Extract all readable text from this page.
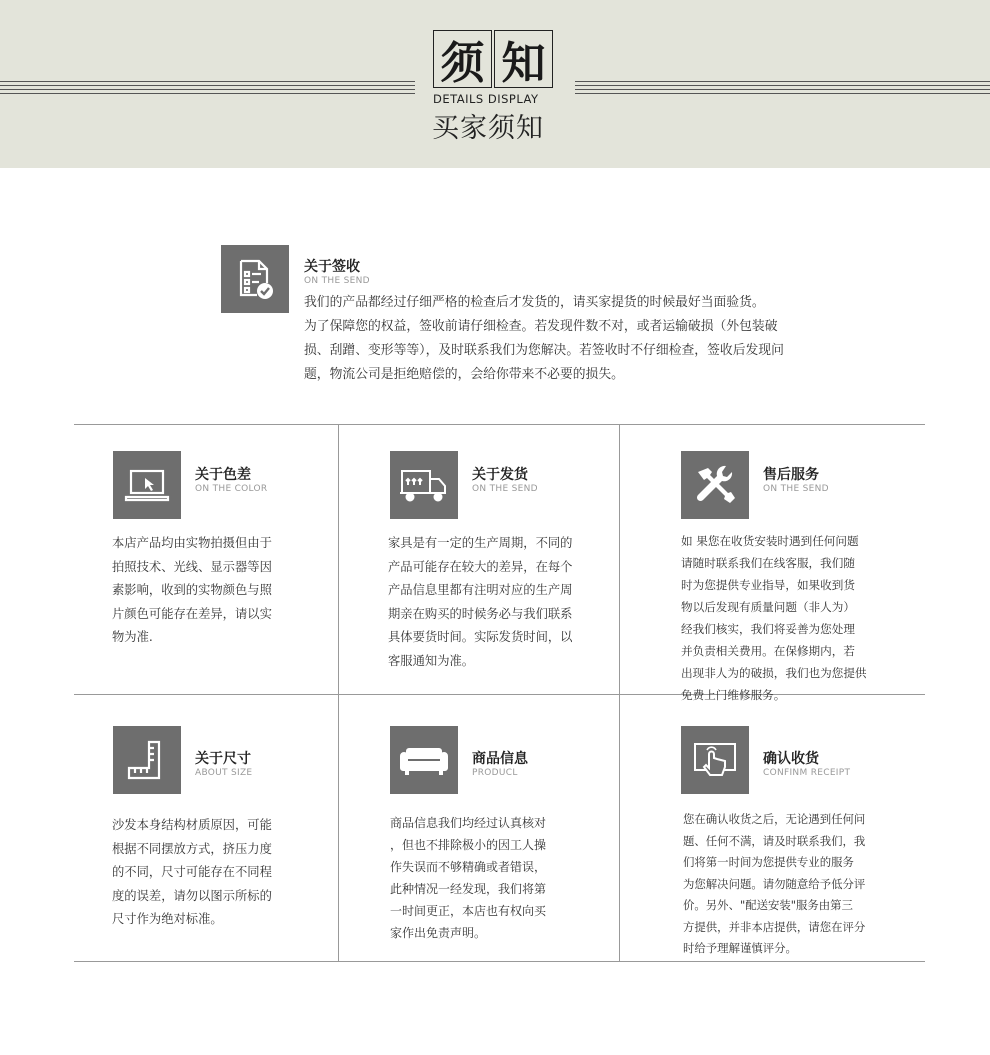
须 知
DETAILS DISPLAY
买家须知
关于签收
ON THE SEND
我们的产品都经过仔细严格的检查后才发货的，请买家提货的时候最好当面验货。
为了保障您的权益，签收前请仔细检查。若发现件数不对，或者运输破损（外包装破
损、刮蹭、变形等等），及时联系我们为您解决。若签收时不仔细检查，签收后发现问
题，物流公司是拒绝赔偿的，会给你带来不必要的损失。
关于色差
ON THE COLOR
本店产品均由实物拍摄但由于
拍照技术、光线、显示器等因
素影响，收到的实物颜色与照
片颜色可能存在差异，请以实
物为准.
关于发货
ON THE SEND
家具是有一定的生产周期，不同的
产品可能存在较大的差异，在每个
产品信息里都有注明对应的生产周
期亲在购买的时候务必与我们联系
具体要货时间。实际发货时间，以
客服通知为准。
售后服务
ON THE SEND
如 果您在收货安装时遇到任何问题
请随时联系我们在线客服，我们随
时为您提供专业指导，如果收到货
物以后发现有质量问题（非人为）
经我们核实，我们将妥善为您处理
并负责相关费用。在保修期内，若
出现非人为的破损，我们也为您提供
免费上门维修服务。
关于尺寸
ABOUT SIZE
沙发本身结构材质原因，可能
根据不同摆放方式，挤压力度
的不同，尺寸可能存在不同程
度的误差，请勿以图示所标的
尺寸作为绝对标准。
商品信息
PRODUCL
商品信息我们均经过认真核对
，但也不排除极小的因工人操
作失误而不够精确或者错误，
此种情况一经发现，我们将第
一时间更正，本店也有权向买
家作出免责声明。
确认收货
CONFINM RECEIPT
您在确认收货之后，无论遇到任何问
题、任何不满，请及时联系我们，我
们将第一时间为您提供专业的服务
为您解决问题。请勿随意给予低分评
价。另外、"配送安装"服务由第三
方提供，并非本店提供，请您在评分
时给予理解谨慎评分。
